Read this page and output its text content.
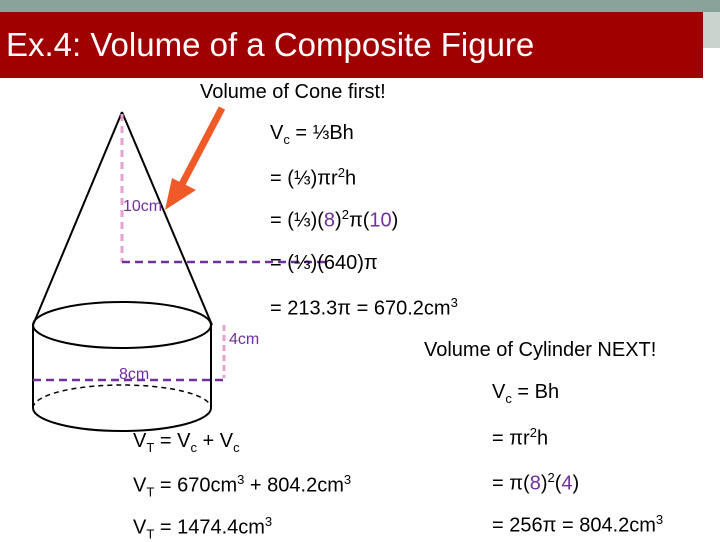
Ex.4: Volume of a Composite Figure
Volume of Cone first!
$V_c$ = ⅓Bh
= $(\frac{1}{3})\pi r^2h$
= $(\frac{1}{3})(8)^2\pi(10)$
= (⅓)(640)π
= $213.3\pi = 670.2cm^3$
10cm
4cm
8cm
Volume of Cylinder NEXT!
$V_c = Bh$
= $\pi r^2h$
= $\pi(8)^2(4)$
= $256\pi = 804.2cm^3$
$V_T = V_c + V_c$
$V_T = 670cm^3 + 804.2cm^3$
$V_T = 1474.4cm^3$
